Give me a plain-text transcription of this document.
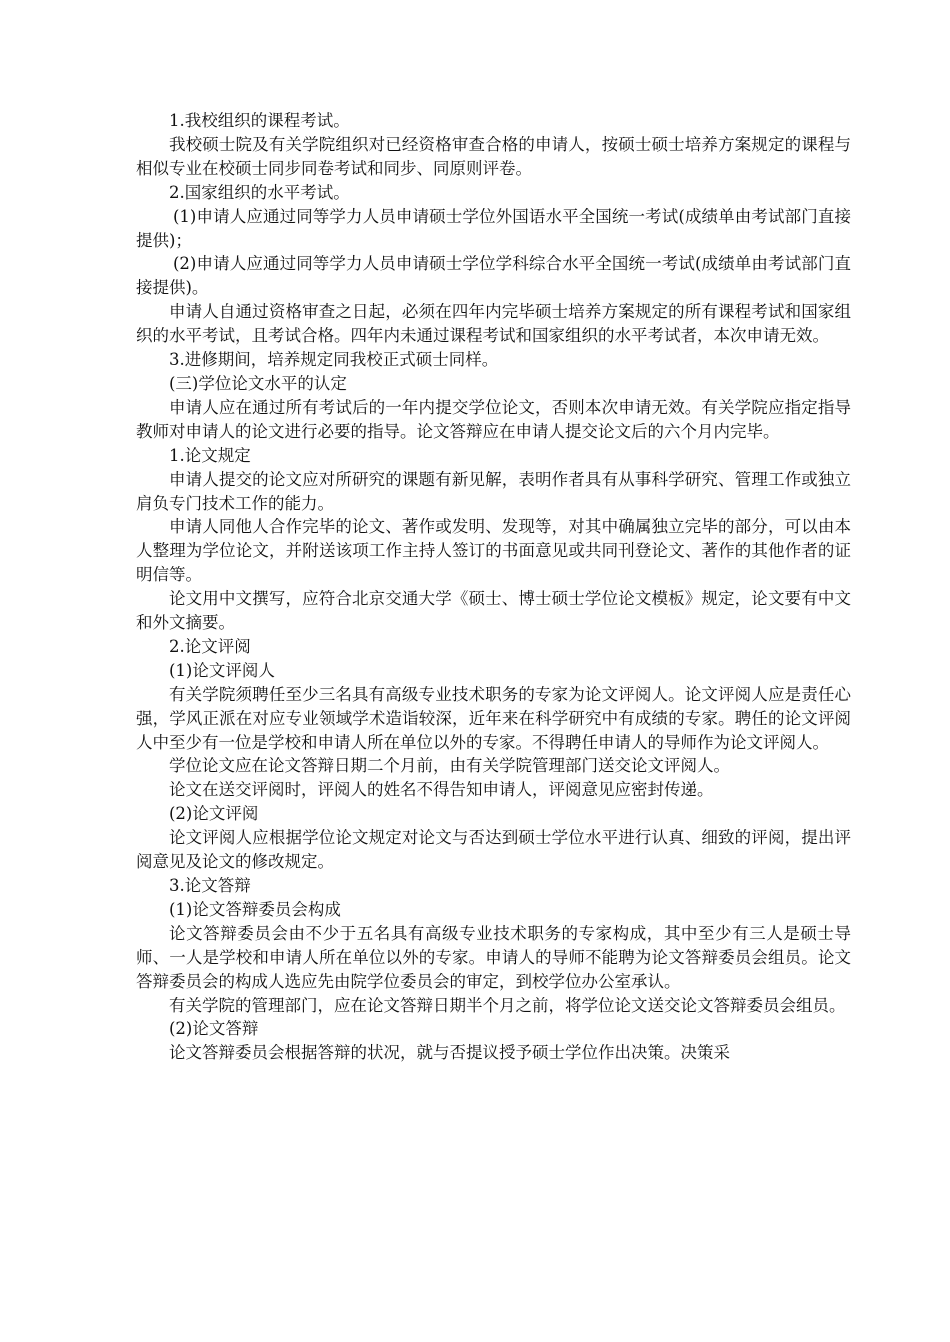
1.我校组织的课程考试。

我校硕士院及有关学院组织对已经资格审查合格的申请人，按硕士硕士培养方案规定的课程与相似专业在校硕士同步同卷考试和同步、同原则评卷。

2.国家组织的水平考试。

(1)申请人应通过同等学力人员申请硕士学位外国语水平全国统一考试(成绩单由考试部门直接提供)；

(2)申请人应通过同等学力人员申请硕士学位学科综合水平全国统一考试(成绩单由考试部门直接提供)。

申请人自通过资格审查之日起，必须在四年内完毕硕士培养方案规定的所有课程考试和国家组织的水平考试，且考试合格。四年内未通过课程考试和国家组织的水平考试者，本次申请无效。

3.进修期间，培养规定同我校正式硕士同样。

(三)学位论文水平的认定

申请人应在通过所有考试后的一年内提交学位论文，否则本次申请无效。有关学院应指定指导教师对申请人的论文进行必要的指导。论文答辩应在申请人提交论文后的六个月内完毕。

1.论文规定

申请人提交的论文应对所研究的课题有新见解，表明作者具有从事科学研究、管理工作或独立肩负专门技术工作的能力。

申请人同他人合作完毕的论文、著作或发明、发现等，对其中确属独立完毕的部分，可以由本人整理为学位论文，并附送该项工作主持人签订的书面意见或共同刊登论文、著作的其他作者的证明信等。

论文用中文撰写，应符合北京交通大学《硕士、博士硕士学位论文模板》规定，论文要有中文和外文摘要。

2.论文评阅

(1)论文评阅人

有关学院须聘任至少三名具有高级专业技术职务的专家为论文评阅人。论文评阅人应是责任心强，学风正派在对应专业领域学术造诣较深，近年来在科学研究中有成绩的专家。聘任的论文评阅人中至少有一位是学校和申请人所在单位以外的专家。不得聘任申请人的导师作为论文评阅人。

学位论文应在论文答辩日期二个月前，由有关学院管理部门送交论文评阅人。

论文在送交评阅时，评阅人的姓名不得告知申请人，评阅意见应密封传递。

(2)论文评阅

论文评阅人应根据学位论文规定对论文与否达到硕士学位水平进行认真、细致的评阅，提出评阅意见及论文的修改规定。

3.论文答辩

(1)论文答辩委员会构成

论文答辩委员会由不少于五名具有高级专业技术职务的专家构成，其中至少有三人是硕士导师、一人是学校和申请人所在单位以外的专家。申请人的导师不能聘为论文答辩委员会组员。论文答辩委员会的构成人选应先由院学位委员会的审定，到校学位办公室承认。

有关学院的管理部门，应在论文答辩日期半个月之前，将学位论文送交论文答辩委员会组员。

(2)论文答辩

论文答辩委员会根据答辩的状况，就与否提议授予硕士学位作出决策。决策采
